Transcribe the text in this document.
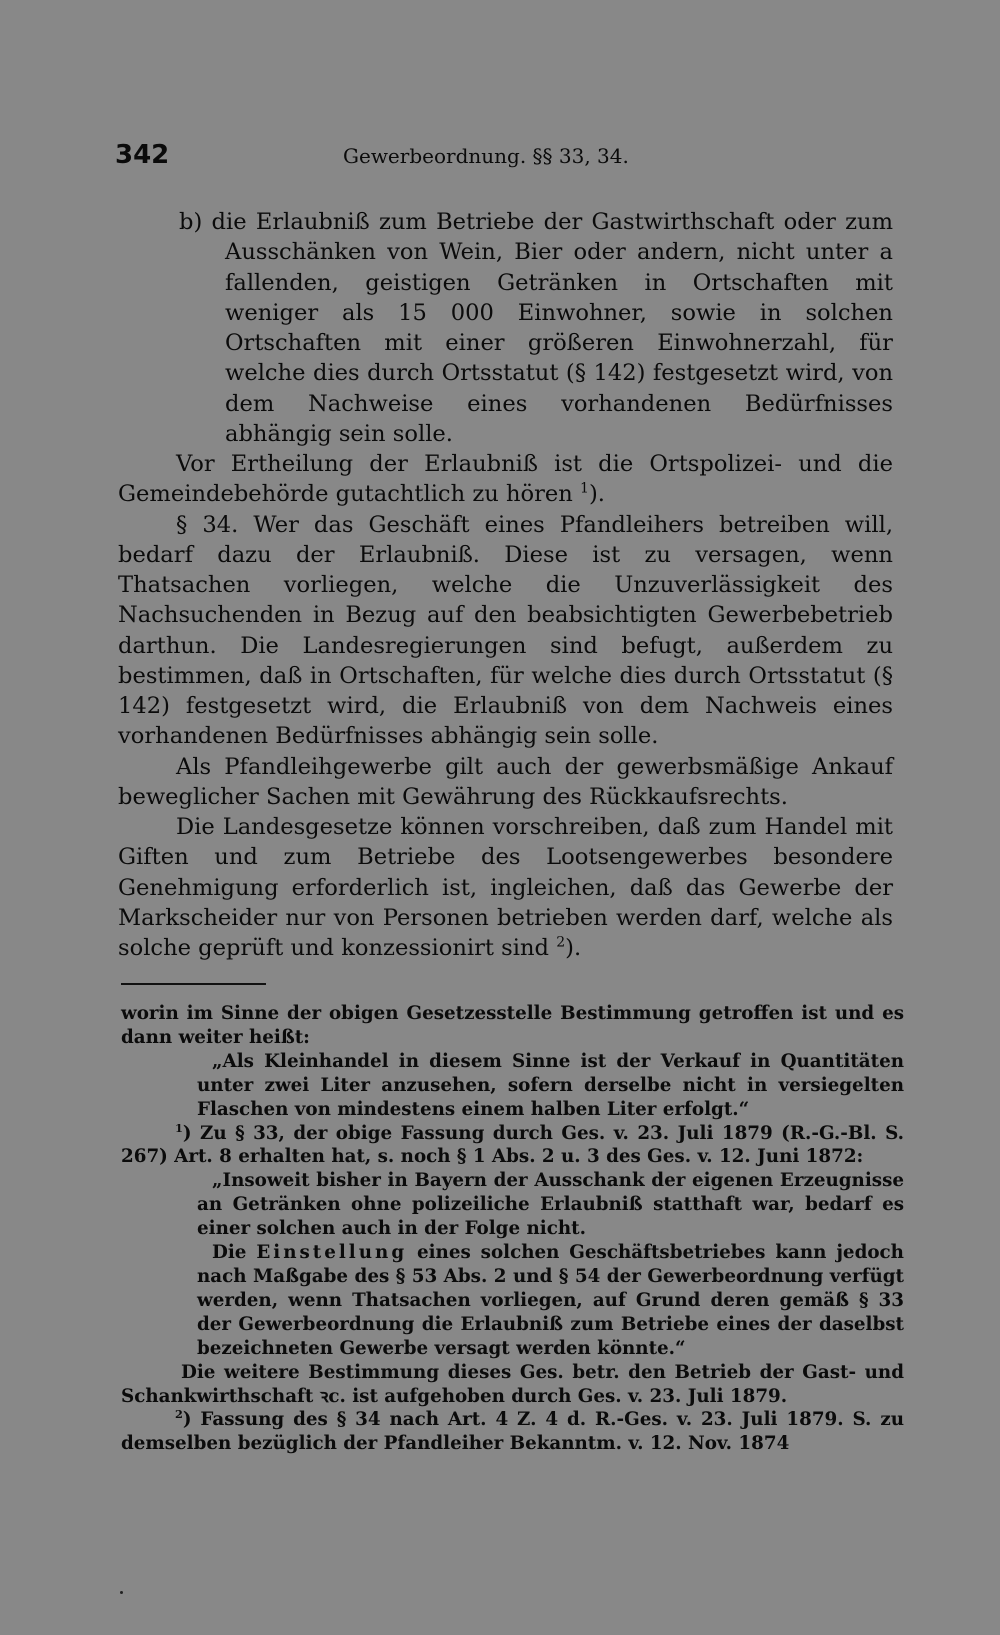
342	Gewerbeordnung. §§ 33, 34.

b) die Erlaubniß zum Betriebe der Gastwirthschaft oder zum Ausschänken von Wein, Bier oder andern, nicht unter a fallenden, geistigen Getränken in Ortschaften mit weniger als 15 000 Einwohner, sowie in solchen Ortschaften mit einer größeren Einwohnerzahl, für welche dies durch Ortsstatut (§ 142) festgesetzt wird, von dem Nachweise eines vorhandenen Bedürfnisses abhängig sein solle.

Vor Ertheilung der Erlaubniß ist die Ortspolizei- und die Gemeindebehörde gutachtlich zu hören $^1$).

§ 34. Wer das Geschäft eines Pfandleihers betreiben will, bedarf dazu der Erlaubniß. Diese ist zu versagen, wenn Thatsachen vorliegen, welche die Unzuverlässigkeit des Nachsuchenden in Bezug auf den beabsichtigten Gewerbebetrieb darthun. Die Landesregierungen sind befugt, außerdem zu bestimmen, daß in Ortschaften, für welche dies durch Ortsstatut (§ 142) festgesetzt wird, die Erlaubniß von dem Nachweis eines vorhandenen Bedürfnisses abhängig sein solle.

Als Pfandleihgewerbe gilt auch der gewerbsmäßige Ankauf beweglicher Sachen mit Gewährung des Rückkaufsrechts.

Die Landesgesetze können vorschreiben, daß zum Handel mit Giften und zum Betriebe des Lootsengewerbes besondere Genehmigung erforderlich ist, ingleichen, daß das Gewerbe der Markscheider nur von Personen betrieben werden darf, welche als solche geprüft und konzessionirt sind $^2$).

worin im Sinne der obigen Gesetzesstelle Bestimmung getroffen ist und es dann weiter heißt:

„Als Kleinhandel in diesem Sinne ist der Verkauf in Quantitäten unter zwei Liter anzusehen, sofern derselbe nicht in versiegelten Flaschen von mindestens einem halben Liter erfolgt.“

$^1$) Zu § 33, der obige Fassung durch Ges. v. 23. Juli 1879 (R.-G.-Bl. S. 267) Art. 8 erhalten hat, s. noch § 1 Abs. 2 u. 3 des Ges. v. 12. Juni 1872:

„Insoweit bisher in Bayern der Ausschank der eigenen Erzeugnisse an Getränken ohne polizeiliche Erlaubniß statthaft war, bedarf es einer solchen auch in der Folge nicht.

Die Einstellung eines solchen Geschäftsbetriebes kann jedoch nach Maßgabe des § 53 Abs. 2 und § 54 der Gewerbeordnung verfügt werden, wenn Thatsachen vorliegen, auf Grund deren gemäß § 33 der Gewerbeordnung die Erlaubniß zum Betriebe eines der daselbst bezeichneten Gewerbe versagt werden könnte.“

Die weitere Bestimmung dieses Ges. betr. den Betrieb der Gast- und Schankwirthschaft ꝛc. ist aufgehoben durch Ges. v. 23. Juli 1879.

$^2$) Fassung des § 34 nach Art. 4 Z. 4 d. R.-Ges. v. 23. Juli 1879. S. zu demselben bezüglich der Pfandleiher Bekanntm. v. 12. Nov. 1874
